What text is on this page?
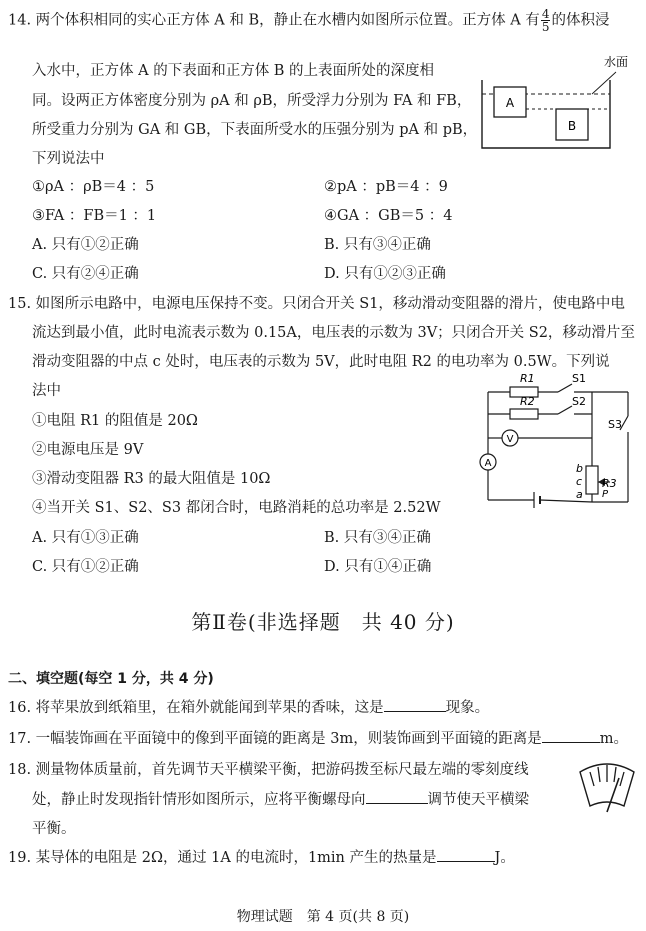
14. 两个体积相同的实心正方体 A 和 B，静止在水槽内如图所示位置。正方体 A 有 $\frac{4}{5}$ 的体积浸
入水中，正方体 A 的下表面和正方体 B 的上表面所处的深度相
同。设两正方体密度分别为 ρA 和 ρB，所受浮力分别为 FA 和 FB，
所受重力分别为 GA 和 GB，下表面所受水的压强分别为 pA 和 pB，
下列说法中
①ρA ：ρB＝4 ：5	②pA ：pB＝4 ：9
③FA ：FB＝1 ：1	④GA ：GB＝5 ：4
A. 只有①②正确	B. 只有③④正确
C. 只有②④正确	D. 只有①②③正确
A
B
水面
15. 如图所示电路中，电源电压保持不变。只闭合开关 S1，移动滑动变阻器的滑片，使电路中电
流达到最小值，此时电流表示数为 0.15A，电压表的示数为 3V；只闭合开关 S2，移动滑片至
滑动变阻器的中点 c 处时，电压表的示数为 5V，此时电阻 R2 的电功率为 0.5W。下列说
法中
①电阻 R1 的阻值是 20Ω
②电源电压是 9V
③滑动变阻器 R3 的最大阻值是 10Ω
④当开关 S1、S2、S3 都闭合时，电路消耗的总功率是 2.52W
A. 只有①③正确	B. 只有③④正确
C. 只有①②正确	D. 只有①④正确
V
A
R1
R2
S1
S2
S3
R3
b
c
a P
第Ⅱ卷(非选择题　共 40 分)
二、填空题(每空 1 分，共 4 分)
16. 将苹果放到纸箱里，在箱外就能闻到苹果的香味，这是	现象。
17. 一幅装饰画在平面镜中的像到平面镜的距离是 3m，则装饰画到平面镜的距离是	m。
18. 测量物体质量前，首先调节天平横梁平衡，把游码拨至标尺最左端的零刻度线
处，静止时发现指针情形如图所示，应将平衡螺母向	调节使天平横梁
平衡。
19. 某导体的电阻是 2Ω，通过 1A 的电流时，1min 产生的热量是	J。
物理试题　第 4 页(共 8 页)
